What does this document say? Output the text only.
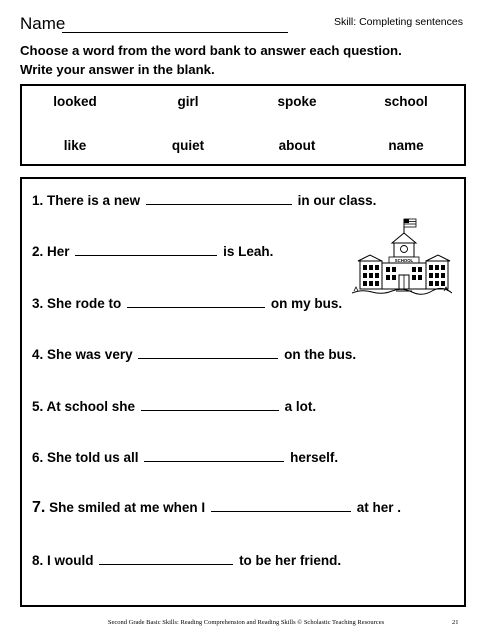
Name	Skill: Completing sentences
Choose a word from the word bank to answer each question.
Write your answer in the blank.
looked	girl	spoke	school
like	quiet	about	name
1. There is a new	in our class.
2. Her	is Leah.
3. She rode to	on my bus.
4. She was very	on the bus.
5. At school she	a lot.
6. She told us all	herself.
7. She smiled at me when I	at her .
8. I would	to be her friend.
SCHOOL
Second Grade Basic Skills: Reading Comprehension and Reading Skills © Scholastic Teaching Resources	21
